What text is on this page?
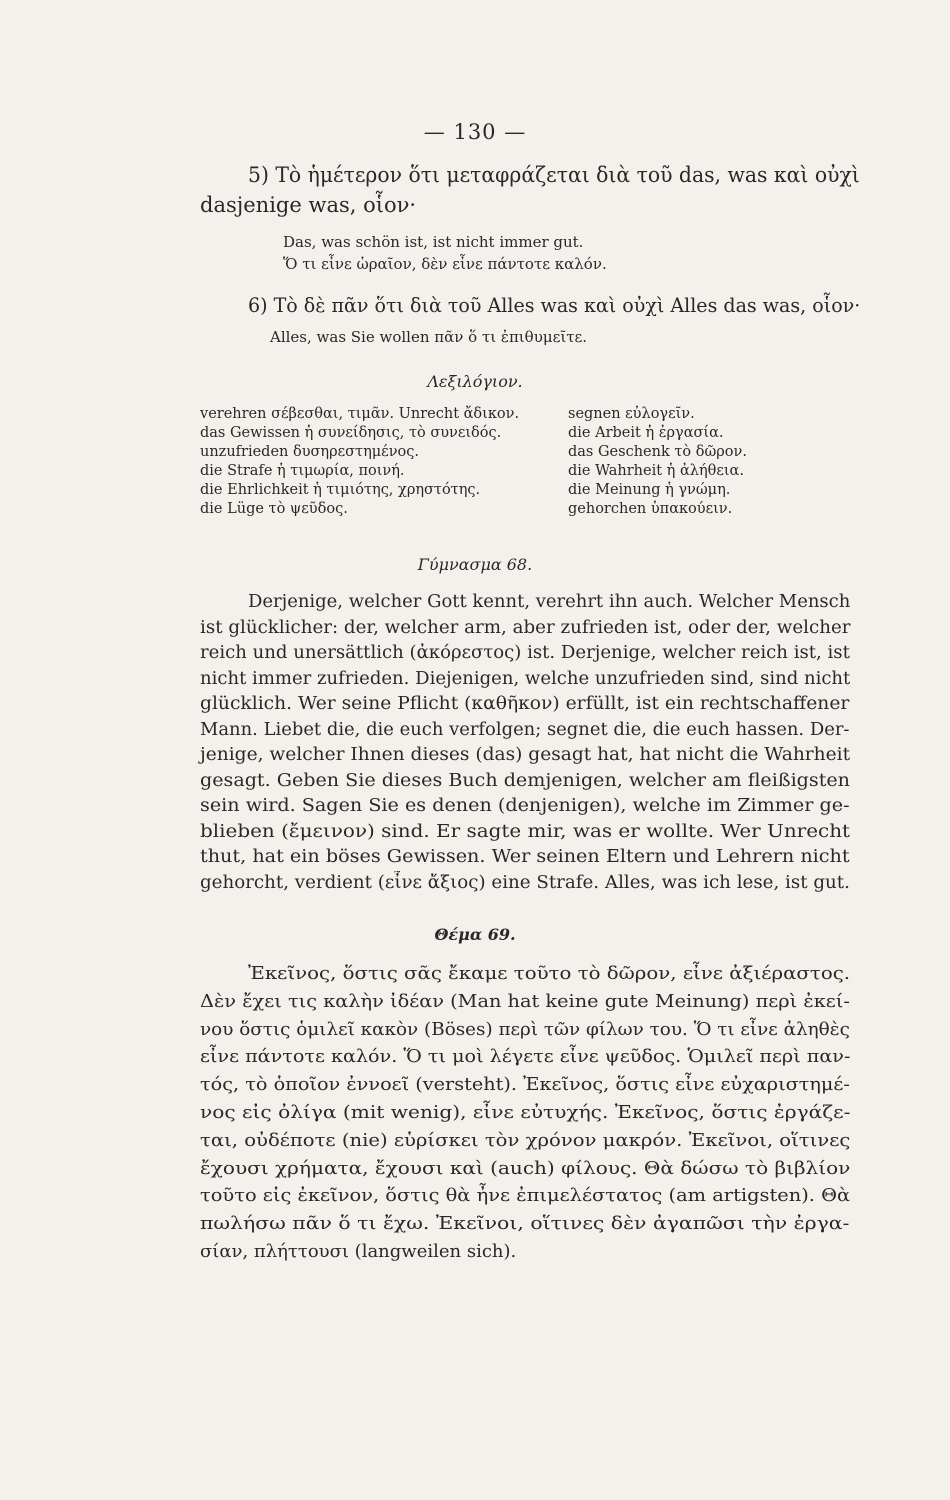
— 130 —
5) Τὸ ἡμέτερον ὅτι μεταφράζεται διὰ τοῦ das, was καὶ οὐχὶ
dasjenige was, οἷον·
Das, was schön ist, ist nicht immer gut.
Ὅ τι εἶνε ὡραῖον, δὲν εἶνε πάντοτε καλόν.
6) Τὸ δὲ πᾶν ὅτι διὰ τοῦ Alles was καὶ οὐχὶ Alles das was, οἷον·
Alles, was Sie wollen πᾶν ὅ τι ἐπιθυμεῖτε.
Λεξιλόγιον.
verehren σέβεσθαι, τιμᾶν. Unrecht ἄδικον.
das Gewissen ἡ συνείδησις, τὸ συνειδός.
unzufrieden δυσηρεστημένος.
die Strafe ἡ τιμωρία, ποινή.
die Ehrlichkeit ἡ τιμιότης, χρηστότης.
die Lüge τὸ ψεῦδος.
segnen εὐλογεῖν.
die Arbeit ἡ ἐργασία.
das Geschenk τὸ δῶρον.
die Wahrheit ἡ ἀλήθεια.
die Meinung ἡ γνώμη.
gehorchen ὑπακούειν.
Γύμνασμα 68.
Derjenige, welcher Gott kennt, verehrt ihn auch. Welcher Mensch
ist glücklicher: der, welcher arm, aber zufrieden ist, oder der, welcher
reich und unersättlich (ἀκόρεστος) ist. Derjenige, welcher reich ist, ist
nicht immer zufrieden. Diejenigen, welche unzufrieden sind, sind nicht
glücklich. Wer seine Pflicht (καθῆκον) erfüllt, ist ein rechtschaffener
Mann. Liebet die, die euch verfolgen; segnet die, die euch hassen. Der-
jenige, welcher Ihnen dieses (das) gesagt hat, hat nicht die Wahrheit
gesagt. Geben Sie dieses Buch demjenigen, welcher am fleißigsten
sein wird. Sagen Sie es denen (denjenigen), welche im Zimmer ge-
blieben (ἔμεινον) sind. Er sagte mir, was er wollte. Wer Unrecht
thut, hat ein böses Gewissen. Wer seinen Eltern und Lehrern nicht
gehorcht, verdient (εἶνε ἄξιος) eine Strafe. Alles, was ich lese, ist gut.
Θέμα 69.
Ἐκεῖνος, ὅστις σᾶς ἔκαμε τοῦτο τὸ δῶρον, εἶνε ἀξιέραστος.
Δὲν ἔχει τις καλὴν ἰδέαν (Man hat keine gute Meinung) περὶ ἐκεί-
νου ὅστις ὁμιλεῖ κακὸν (Böses) περὶ τῶν φίλων του. Ὅ τι εἶνε ἀληθὲς
εἶνε πάντοτε καλόν. Ὅ τι μοὶ λέγετε εἶνε ψεῦδος. Ὁμιλεῖ περὶ παν-
τός, τὸ ὁποῖον ἐννοεῖ (versteht). Ἐκεῖνος, ὅστις εἶνε εὐχαριστημέ-
νος εἰς ὀλίγα (mit wenig), εἶνε εὐτυχής. Ἐκεῖνος, ὅστις ἐργάζε-
ται, οὐδέποτε (nie) εὑρίσκει τὸν χρόνον μακρόν. Ἐκεῖνοι, οἵτινες
ἔχουσι χρήματα, ἔχουσι καὶ (auch) φίλους. Θὰ δώσω τὸ βιβλίον
τοῦτο εἰς ἐκεῖνον, ὅστις θὰ ἦνε ἐπιμελέστατος (am artigsten). Θὰ
πωλήσω πᾶν ὅ τι ἔχω. Ἐκεῖνοι, οἵτινες δὲν ἀγαπῶσι τὴν ἐργα-
σίαν, πλήττουσι (langweilen sich).
